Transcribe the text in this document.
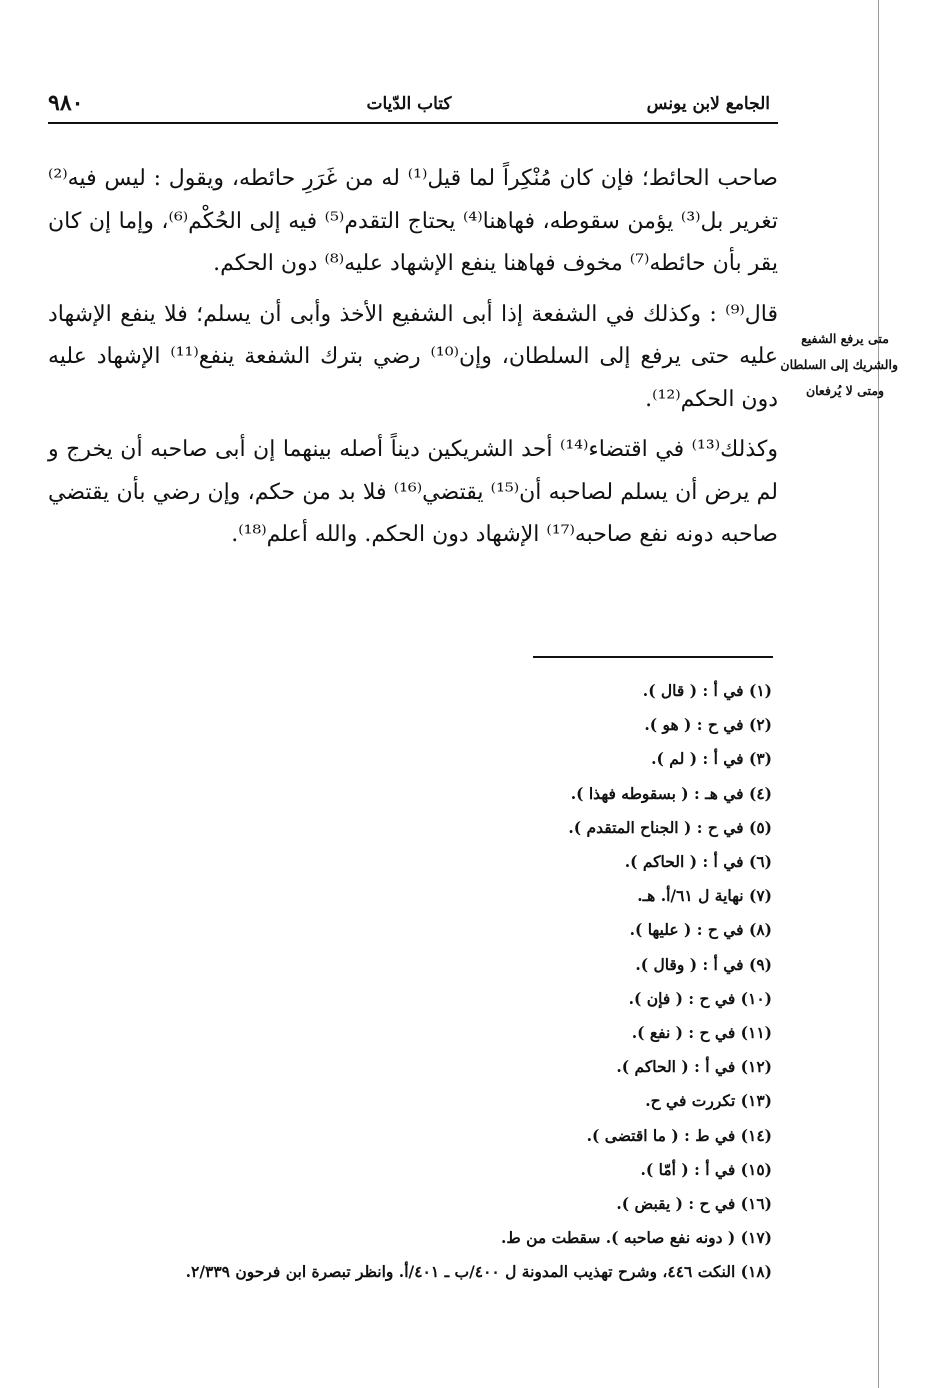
الجامع لابن يونس
كتاب الدّيات
٩٨٠

صاحب الحائط؛ فإن كان مُنْكِراً لما قيل⁽¹⁾ له من غَرَرِ حائطه، ويقول : ليس فيه⁽²⁾ تغرير بل⁽³⁾ يؤمن سقوطه، فهاهنا⁽⁴⁾ يحتاج التقدم⁽⁵⁾ فيه إلى الحُكْم⁽⁶⁾، وإما إن كان يقر بأن حائطه⁽⁷⁾ مخوف فهاهنا ينفع الإشهاد عليه⁽⁸⁾ دون الحكم.

قال⁽⁹⁾ : وكذلك في الشفعة إذا أبى الشفيع الأخذ وأبى أن يسلم؛ فلا ينفع الإشهاد عليه حتى يرفع إلى السلطان، وإن⁽¹⁰⁾ رضي بترك الشفعة ينفع⁽¹¹⁾ الإشهاد عليه دون الحكم⁽¹²⁾.

وكذلك⁽¹³⁾ في اقتضاء⁽¹⁴⁾ أحد الشريكين ديناً أصله بينهما إن أبى صاحبه أن يخرج و لم يرض أن يسلم لصاحبه أن⁽¹⁵⁾ يقتضي⁽¹⁶⁾ فلا بد من حكم، وإن رضي بأن يقتضي صاحبه دونه نفع صاحبه⁽¹⁷⁾ الإشهاد دون الحكم. والله أعلم⁽¹⁸⁾.

متى يرفع الشفيع
والشريك إلى السلطان
ومتى لا يُرفعان
(١) في أ : ( قال ).
(٢) في ح : ( هو ).
(٣) في أ : ( لم ).
(٤) في هـ : ( بسقوطه فهذا ).
(٥) في ح : ( الجناح المتقدم ).
(٦) في أ : ( الحاكم ).
(٧) نهاية ل ٦١/أ. هـ.
(٨) في ح : ( عليها ).
(٩) في أ : ( وقال ).
(١٠) في ح : ( فإن ).
(١١) في ح : ( نفع ).
(١٢) في أ : ( الحاكم ).
(١٣) تكررت في ح.
(١٤) في ط : ( ما اقتضى ).
(١٥) في أ : ( أمّا ).
(١٦) في ح : ( يقبض ).
(١٧) ( دونه نفع صاحبه ). سقطت من ط.
(١٨) النكت ٤٤٦، وشرح تهذيب المدونة ل ٤٠٠/ب ـ ٤٠١/أ. وانظر تبصرة ابن فرحون ٢/٣٣٩.
